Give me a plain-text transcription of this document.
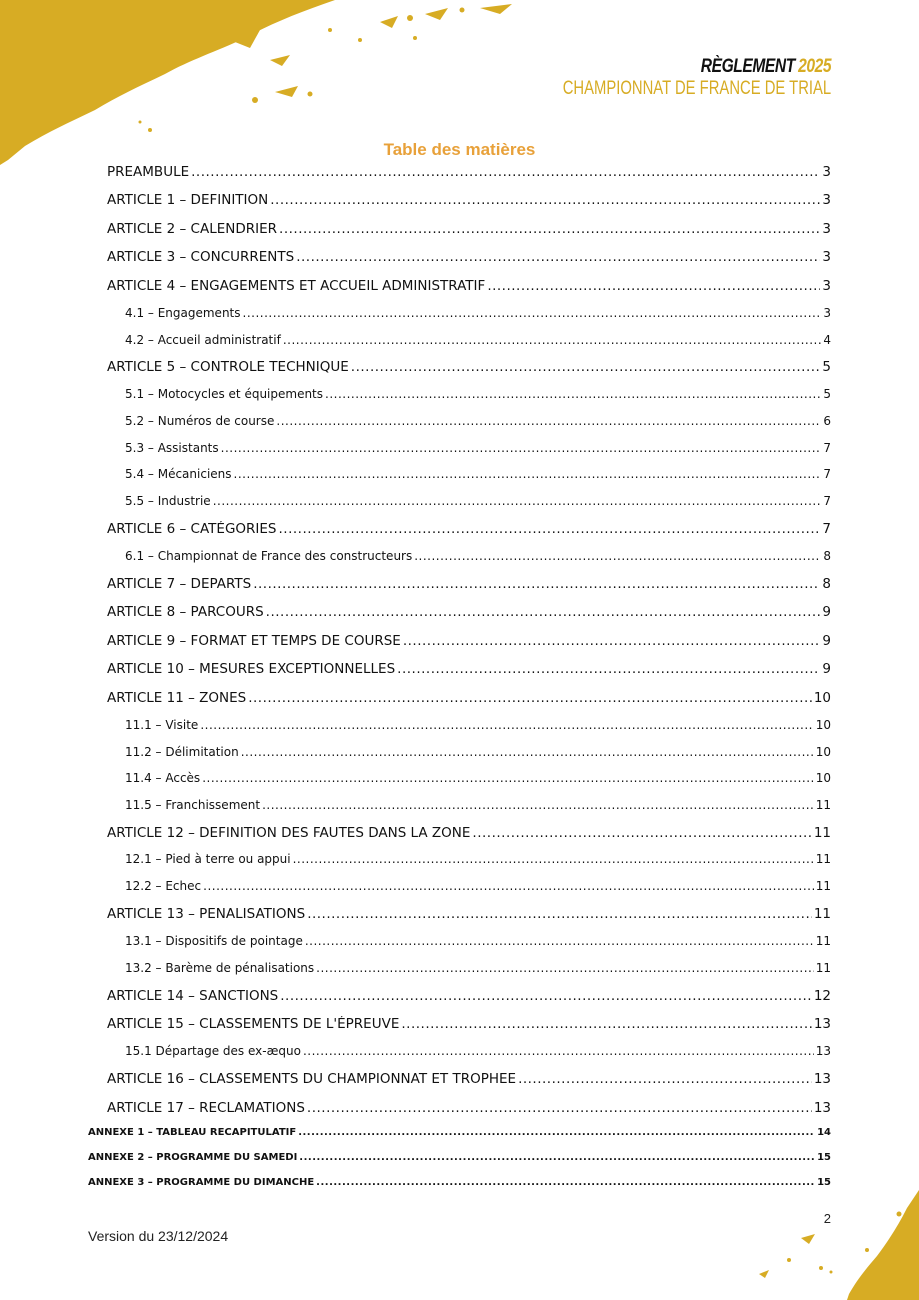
RÈGLEMENT 2025
CHAMPIONNAT DE FRANCE DE TRIAL
Table des matières
PREAMBULE .....	3
ARTICLE 1 – DEFINITION .....	3
ARTICLE 2 – CALENDRIER .....	3
ARTICLE 3 – CONCURRENTS .....	3
ARTICLE 4 – ENGAGEMENTS ET ACCUEIL ADMINISTRATIF .....	3
4.1 – Engagements .....	3
4.2 – Accueil administratif .....	4
ARTICLE 5 – CONTROLE TECHNIQUE .....	5
5.1 – Motocycles et équipements .....	5
5.2 – Numéros de course .....	6
5.3 – Assistants .....	7
5.4 – Mécaniciens .....	7
5.5 – Industrie .....	7
ARTICLE 6 – CATÉGORIES .....	7
6.1 – Championnat de France des constructeurs .....	8
ARTICLE 7 – DEPARTS .....	8
ARTICLE 8 – PARCOURS .....	9
ARTICLE 9 – FORMAT ET TEMPS DE COURSE .....	9
ARTICLE 10 – MESURES EXCEPTIONNELLES .....	9
ARTICLE 11 – ZONES .....	10
11.1 – Visite .....	10
11.2 – Délimitation .....	10
11.4 – Accès .....	10
11.5 – Franchissement .....	11
ARTICLE 12 – DEFINITION DES FAUTES DANS LA ZONE .....	11
12.1 – Pied à terre ou appui .....	11
12.2 – Echec .....	11
ARTICLE 13 – PENALISATIONS .....	11
13.1 – Dispositifs de pointage .....	11
13.2 – Barème de pénalisations .....	11
ARTICLE 14 – SANCTIONS .....	12
ARTICLE 15 – CLASSEMENTS DE L'ÉPREUVE .....	13
15.1 Départage des ex-æquo .....	13
ARTICLE 16 – CLASSEMENTS DU CHAMPIONNAT ET TROPHEE .....	13
ARTICLE 17 – RECLAMATIONS .....	13
ANNEXE 1 – TABLEAU RECAPITULATIF .....	14
ANNEXE 2 – PROGRAMME DU SAMEDI .....	15
ANNEXE 3 – PROGRAMME DU DIMANCHE .....	15
2
Version du 23/12/2024
